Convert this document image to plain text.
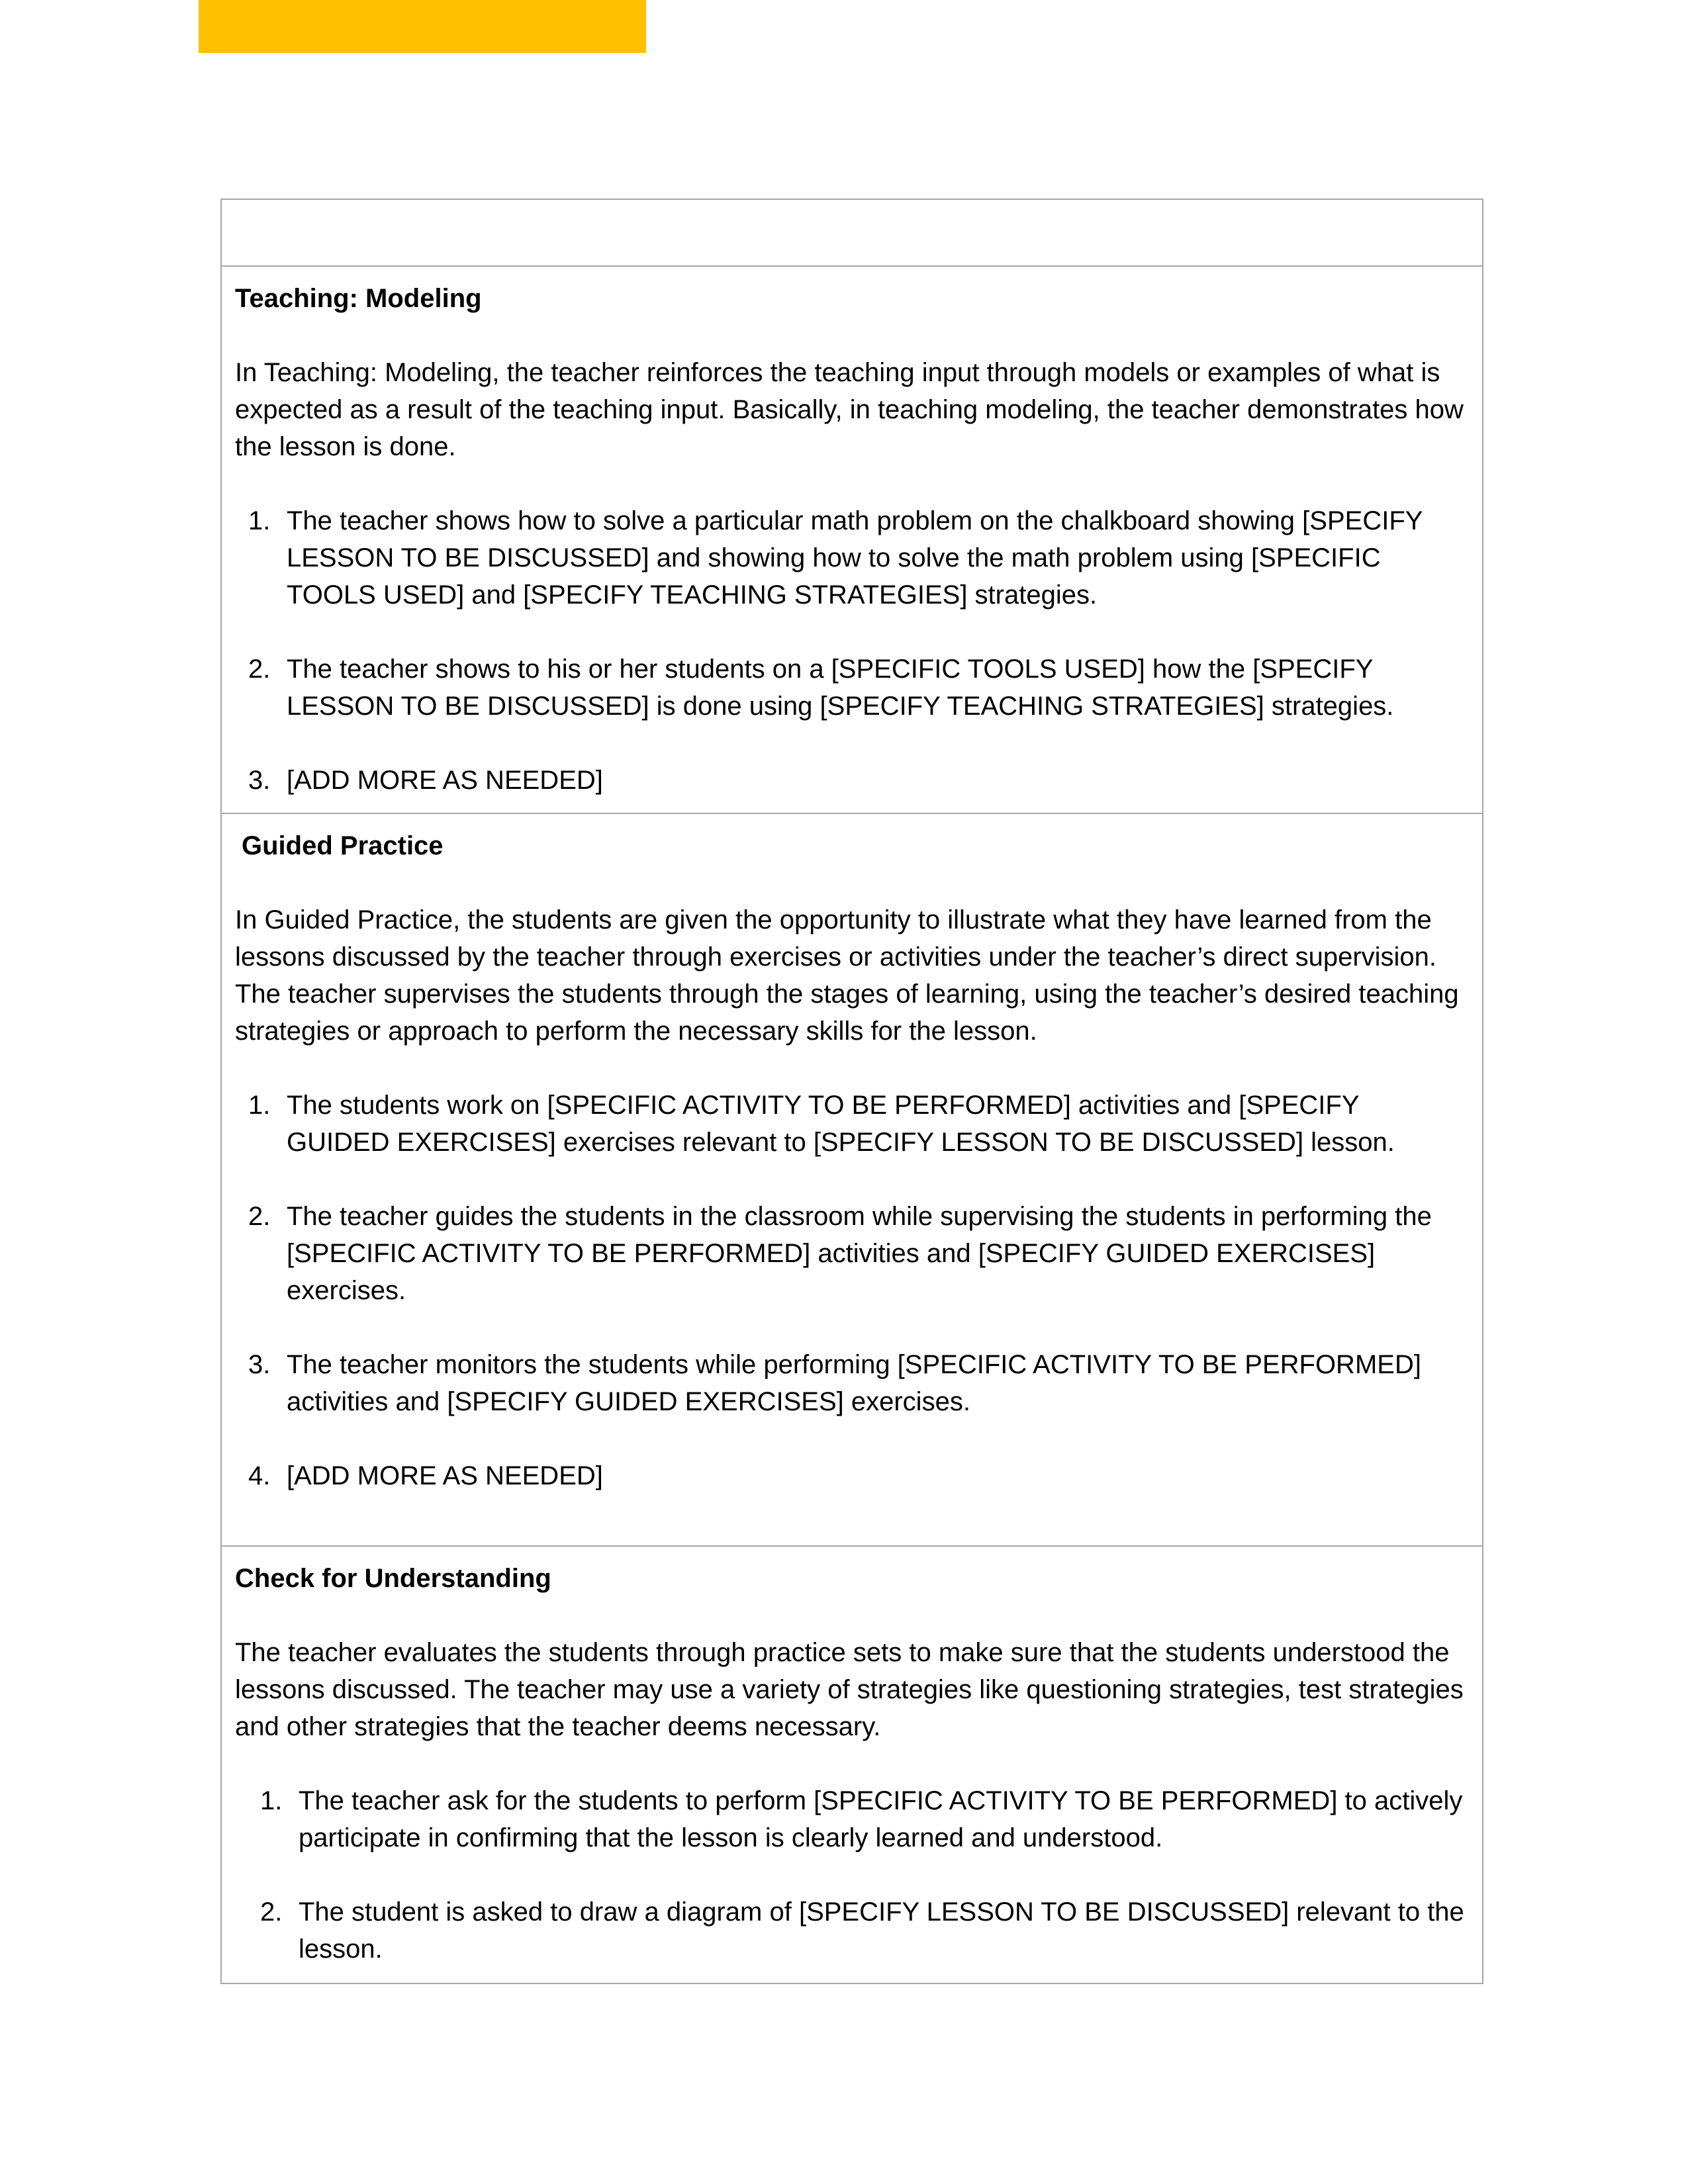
Teaching: Modeling
In Teaching: Modeling, the teacher reinforces the teaching input through models or examples of what is expected as a result of the teaching input. Basically, in teaching modeling, the teacher demonstrates how the lesson is done.
1. The teacher shows how to solve a particular math problem on the chalkboard showing [SPECIFY LESSON TO BE DISCUSSED] and showing how to solve the math problem using [SPECIFIC TOOLS USED] and [SPECIFY TEACHING STRATEGIES] strategies.
2. The teacher shows to his or her students on a [SPECIFIC TOOLS USED] how the [SPECIFY LESSON TO BE DISCUSSED] is done using [SPECIFY TEACHING STRATEGIES] strategies.
3. [ADD MORE AS NEEDED]
Guided Practice
In Guided Practice, the students are given the opportunity to illustrate what they have learned from the lessons discussed by the teacher through exercises or activities under the teacher’s direct supervision. The teacher supervises the students through the stages of learning, using the teacher’s desired teaching strategies or approach to perform the necessary skills for the lesson.
1. The students work on [SPECIFIC ACTIVITY TO BE PERFORMED] activities and [SPECIFY GUIDED EXERCISES] exercises relevant to [SPECIFY LESSON TO BE DISCUSSED] lesson.
2. The teacher guides the students in the classroom while supervising the students in performing the [SPECIFIC ACTIVITY TO BE PERFORMED] activities and [SPECIFY GUIDED EXERCISES] exercises.
3. The teacher monitors the students while performing [SPECIFIC ACTIVITY TO BE PERFORMED] activities and [SPECIFY GUIDED EXERCISES] exercises.
4. [ADD MORE AS NEEDED]
Check for Understanding
The teacher evaluates the students through practice sets to make sure that the students understood the lessons discussed. The teacher may use a variety of strategies like questioning strategies, test strategies and other strategies that the teacher deems necessary.
1. The teacher ask for the students to perform [SPECIFIC ACTIVITY TO BE PERFORMED] to actively participate in confirming that the lesson is clearly learned and understood.
2. The student is asked to draw a diagram of [SPECIFY LESSON TO BE DISCUSSED] relevant to the lesson.
